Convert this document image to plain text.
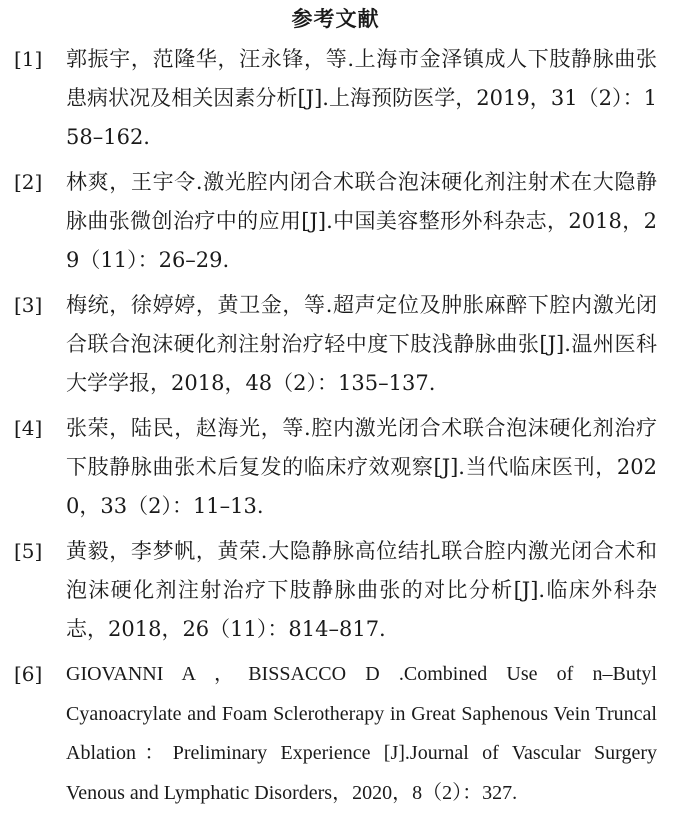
参考文献
[1]	郭振宇，范隆华，汪永锋，等.上海市金泽镇成人下肢静脉曲张患病状况及相关因素分析[J].上海预防医学，2019，31（2）：158–162.
[2]	林爽，王宇令.激光腔内闭合术联合泡沫硬化剂注射术在大隐静脉曲张微创治疗中的应用[J].中国美容整形外科杂志，2018，29（11）：26–29.
[3]	梅统，徐婷婷，黄卫金，等.超声定位及肿胀麻醉下腔内激光闭合联合泡沫硬化剂注射治疗轻中度下肢浅静脉曲张[J].温州医科大学学报，2018，48（2）：135–137.
[4]	张荣，陆民，赵海光，等.腔内激光闭合术联合泡沫硬化剂治疗下肢静脉曲张术后复发的临床疗效观察[J].当代临床医刊，2020，33（2）：11–13.
[5]	黄毅，李梦帆，黄荣.大隐静脉高位结扎联合腔内激光闭合术和泡沫硬化剂注射治疗下肢静脉曲张的对比分析[J].临床外科杂志，2018，26（11）：814–817.
[6]	GIOVANNI A ，BISSACCO D .Combined Use of n–Butyl Cyanoacrylate and Foam Sclerotherapy in Great Saphenous Vein Truncal Ablation：Preliminary Experience [J].Journal of Vascular Surgery Venous and Lymphatic Disorders，2020，8（2）：327.
